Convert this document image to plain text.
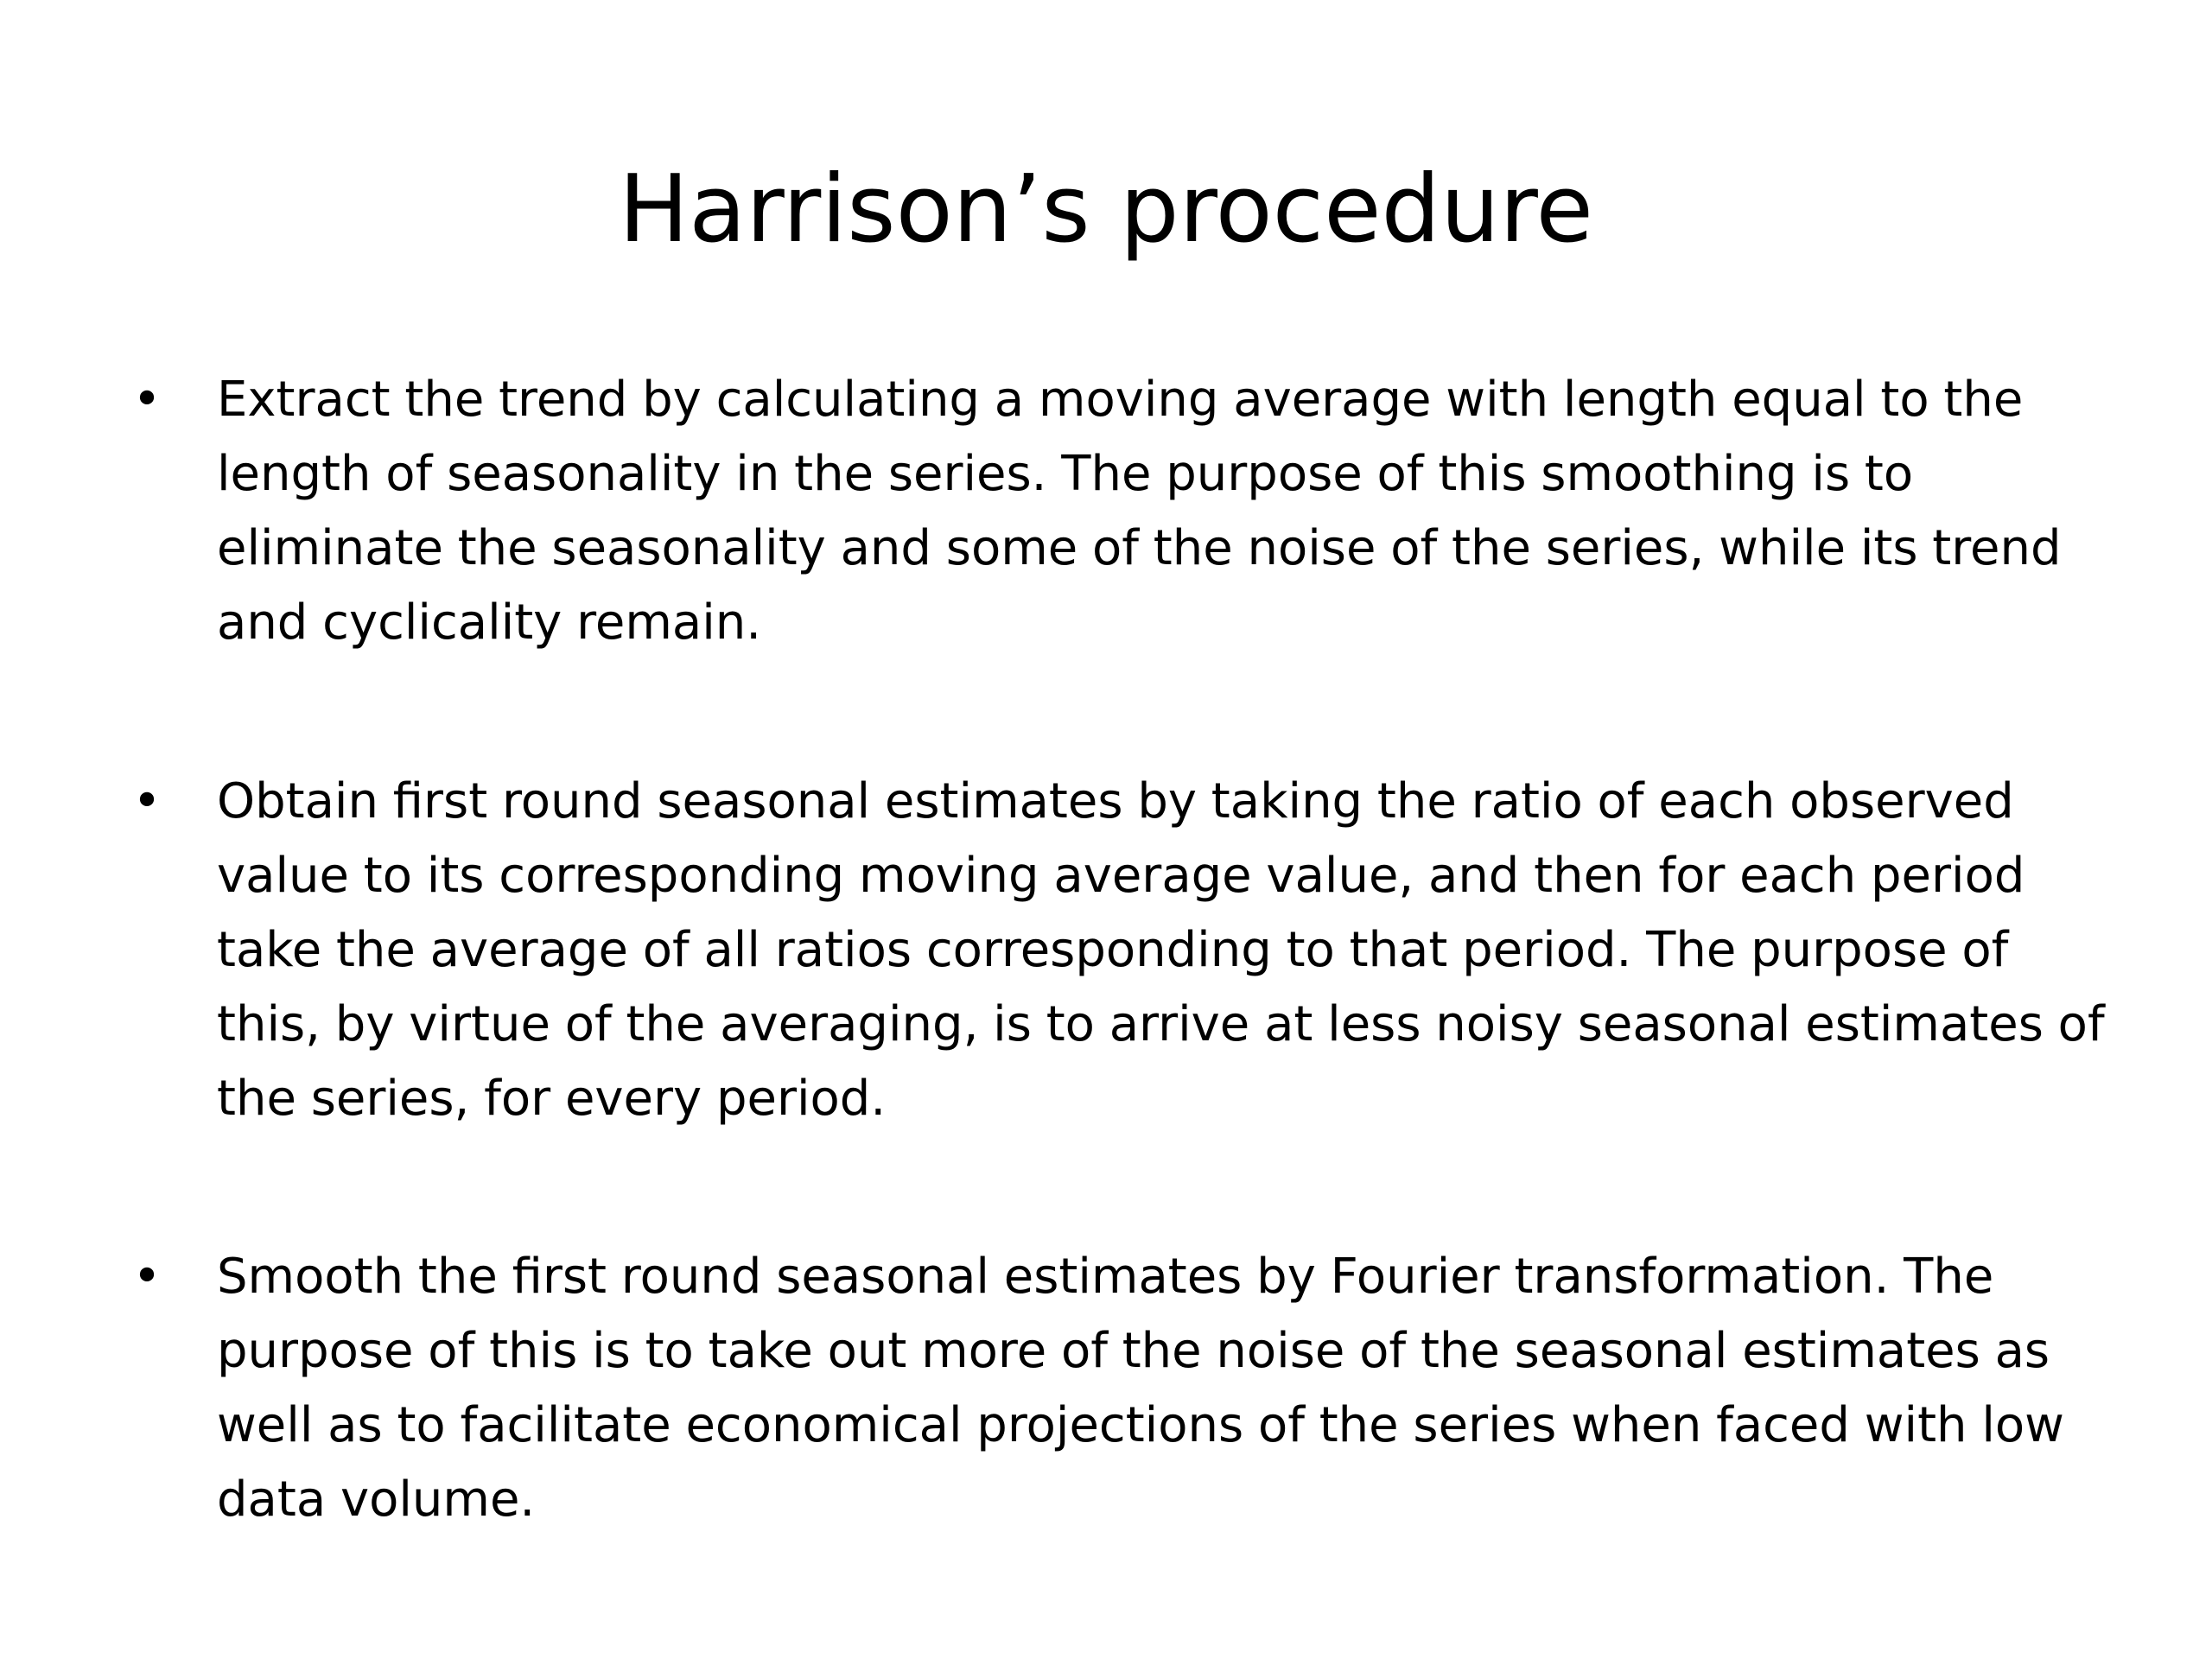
Harrison’s procedure
• Extract the trend by calculating a moving average with length equal to the length of seasonality in the series. The purpose of this smoothing is to eliminate the seasonality and some of the noise of the series, while its trend and cyclicality remain.

• Obtain first round seasonal estimates by taking the ratio of each observed value to its corresponding moving average value, and then for each period take the average of all ratios corresponding to that period. The purpose of this, by virtue of the averaging, is to arrive at less noisy seasonal estimates of the series, for every period.

• Smooth the first round seasonal estimates by Fourier transformation. The purpose of this is to take out more of the noise of the seasonal estimates as well as to facilitate economical projections of the series when faced with low data volume.
